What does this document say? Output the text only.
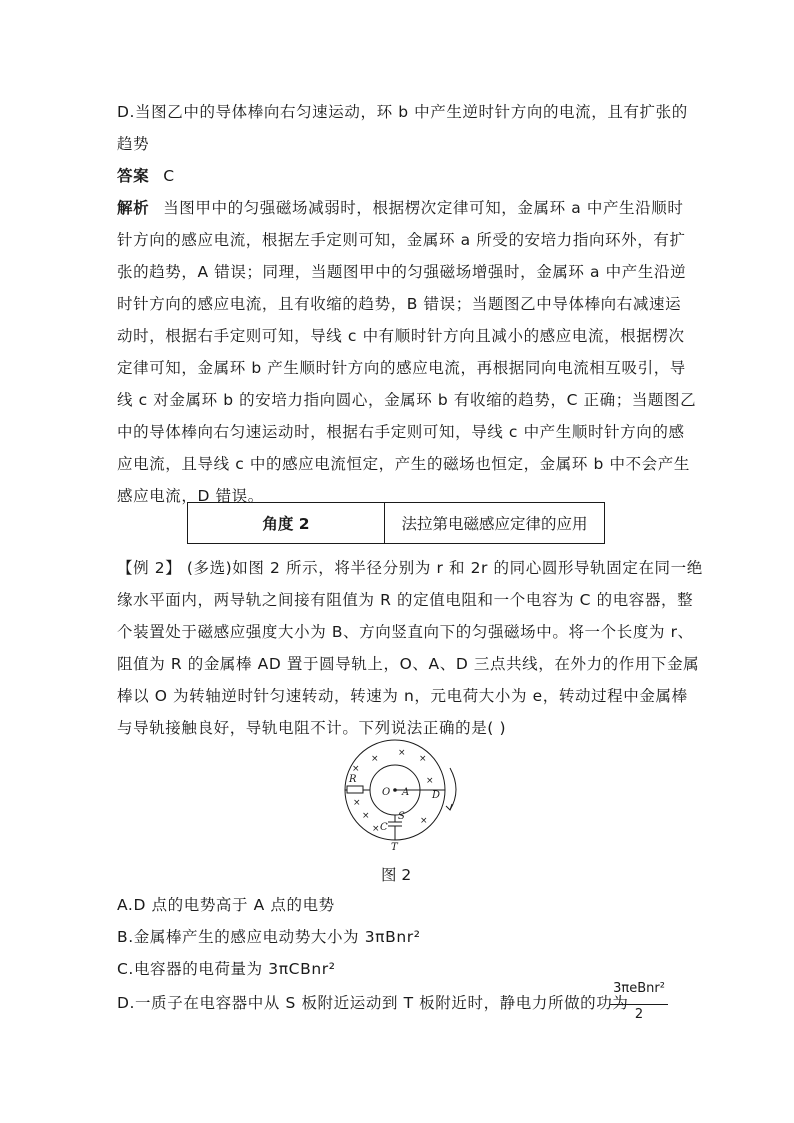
D.当图乙中的导体棒向右匀速运动，环 b 中产生逆时针方向的电流，且有扩张的
趋势
答案 C
解析 当图甲中的匀强磁场减弱时，根据楞次定律可知，金属环 a 中产生沿顺时
针方向的感应电流，根据左手定则可知，金属环 a 所受的安培力指向环外，有扩
张的趋势，A 错误；同理，当题图甲中的匀强磁场增强时，金属环 a 中产生沿逆
时针方向的感应电流，且有收缩的趋势，B 错误；当题图乙中导体棒向右减速运
动时，根据右手定则可知，导线 c 中有顺时针方向且减小的感应电流，根据楞次
定律可知，金属环 b 产生顺时针方向的感应电流，再根据同向电流相互吸引，导
线 c 对金属环 b 的安培力指向圆心，金属环 b 有收缩的趋势，C 正确；当题图乙
中的导体棒向右匀速运动时，根据右手定则可知，导线 c 中产生顺时针方向的感
应电流，且导线 c 中的感应电流恒定，产生的磁场也恒定，金属环 b 中不会产生
感应电流，D 错误。
角度 2	法拉第电磁感应定律的应用
【例 2】 (多选)如图 2 所示，将半径分别为 r 和 2r 的同心圆形导轨固定在同一绝
缘水平面内，两导轨之间接有阻值为 R 的定值电阻和一个电容为 C 的电容器，整
个装置处于磁感应强度大小为 B、方向竖直向下的匀强磁场中。将一个长度为 r、
阻值为 R 的金属棒 AD 置于圆导轨上，O、A、D 三点共线，在外力的作用下金属
棒以 O 为转轴逆时针匀速转动，转速为 n，元电荷大小为 e，转动过程中金属棒
与导轨接触良好，导轨电阻不计。下列说法正确的是( )
R
O A D
S
C
T
×
×
×
×
×
×
×	×
×
图 2
A.D 点的电势高于 A 点的电势
B.金属棒产生的感应电动势大小为 3πBnr²
C.电容器的电荷量为 3πCBnr²
D.一质子在电容器中从 S 板附近运动到 T 板附近时，静电力所做的功为
3πeBnr²
2
